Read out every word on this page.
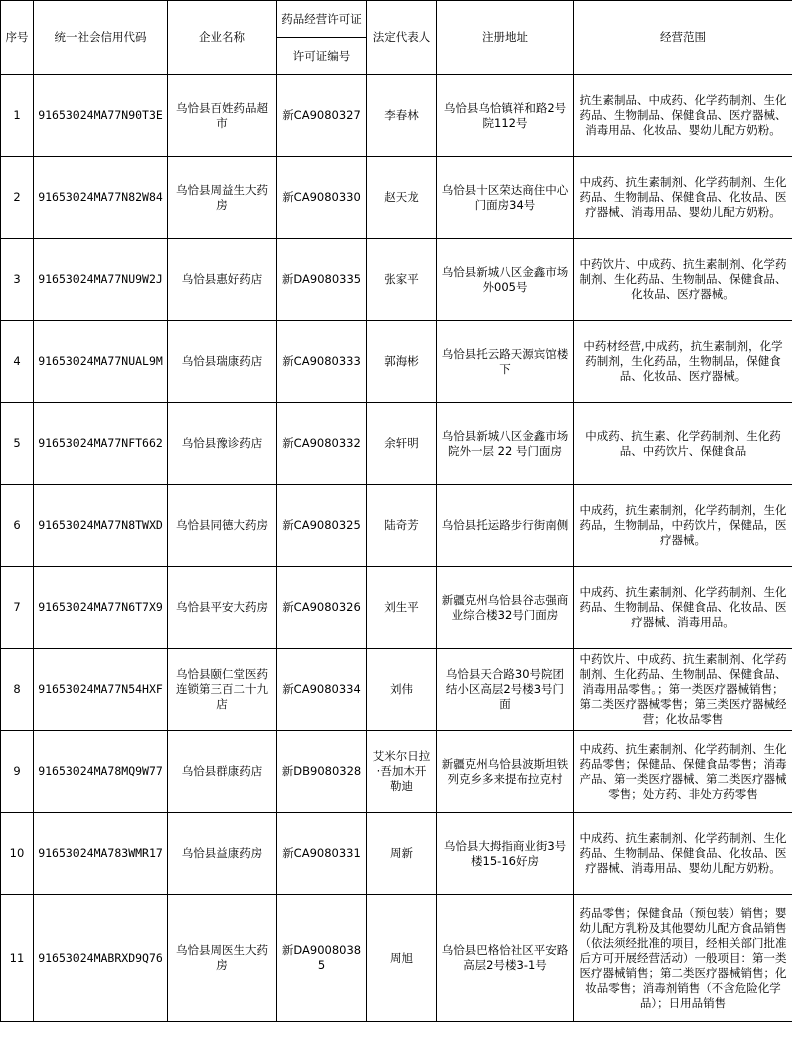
序号	统一社会信用代码	企业名称	药品经营许可证	法定代表人	注册地址	经营范围
			许可证编号			
1	91653024MA77N90T3E	乌恰县百姓药品超市	新CA9080327	李春林	乌恰县乌恰镇祥和路2号院112号	抗生素制品、中成药、化学药制剂、生化药品、生物制品、保健食品、医疗器械、消毒用品、化妆品、婴幼儿配方奶粉。
2	91653024MA77N82W84	乌恰县周益生大药房	新CA9080330	赵天龙	乌恰县十区荣达商住中心门面房34号	中成药、抗生素制剂、化学药制剂、生化药品、生物制品、保健食品、化妆品、医疗器械、消毒用品、婴幼儿配方奶粉。
3	91653024MA77NU9W2J	乌恰县惠好药店	新DA9080335	张家平	乌恰县新城八区金鑫市场外005号	中药饮片、中成药、抗生素制剂、化学药制剂、生化药品、生物制品、保健食品、化妆品、医疗器械。
4	91653024MA77NUAL9M	乌恰县瑞康药店	新CA9080333	郭海彬	乌恰县托云路天源宾馆楼下	中药材经营,中成药，抗生素制剂，化学药制剂，生化药品，生物制品，保健食品、化妆品、医疗器械。
5	91653024MA77NFT662	乌恰县豫诊药店	新CA9080332	余轩明	乌恰县新城八区金鑫市场院外一层 22 号门面房	中成药、抗生素、化学药制剂、生化药品、中药饮片、保健食品
6	91653024MA77N8TWXD	乌恰县同德大药房	新CA9080325	陆奇芳	乌恰县托运路步行街南侧	中成药，抗生素制剂，化学药制剂，生化药品，生物制品，中药饮片，保健品，医疗器械。
7	91653024MA77N6T7X9	乌恰县平安大药房	新CA9080326	刘生平	新疆克州乌恰县谷志强商业综合楼32号门面房	中成药、抗生素制剂、化学药制剂、生化药品、生物制品、保健食品、化妆品、医疗器械、消毒用品。
8	91653024MA77N54HXF	乌恰县颐仁堂医药连锁第三百二十九店	新CA9080334	刘伟	乌恰县天合路30号院团结小区高层2号楼3号门面	中药饮片、中成药、抗生素制剂、化学药制剂、生化药品、生物制品、保健食品、消毒用品零售。；第一类医疗器械销售；第二类医疗器械零售；第三类医疗器械经营；化妆品零售
9	91653024MA78MQ9W77	乌恰县群康药店	新DB9080328	艾米尔日拉·吾加木开勒迪	新疆克州乌恰县波斯坦铁列克乡多来提布拉克村	中成药、抗生素制剂、化学药制剂、生化药品零售；保健品、保健食品零售；消毒产品、第一类医疗器械、第二类医疗器械零售；处方药、非处方药零售
10	91653024MA783WMR17	乌恰县益康药房	新CA9080331	周新	乌恰县大拇指商业街3号楼15-16好房	中成药、抗生素制剂、化学药制剂、生化药品、生物制品、保健食品、化妆品、医疗器械、消毒用品、婴幼儿配方奶粉。
11	91653024MABRXD9Q76	乌恰县周医生大药房	新DA90080385	周旭	乌恰县巴格恰社区平安路高层2号楼3-1号	药品零售；保健食品（预包装）销售；婴幼儿配方乳粉及其他婴幼儿配方食品销售（依法须经批准的项目，经相关部门批准后方可开展经营活动）一般项目：第一类医疗器械销售；第二类医疗器械销售；化妆品零售；消毒剂销售（不含危险化学品）；日用品销售
